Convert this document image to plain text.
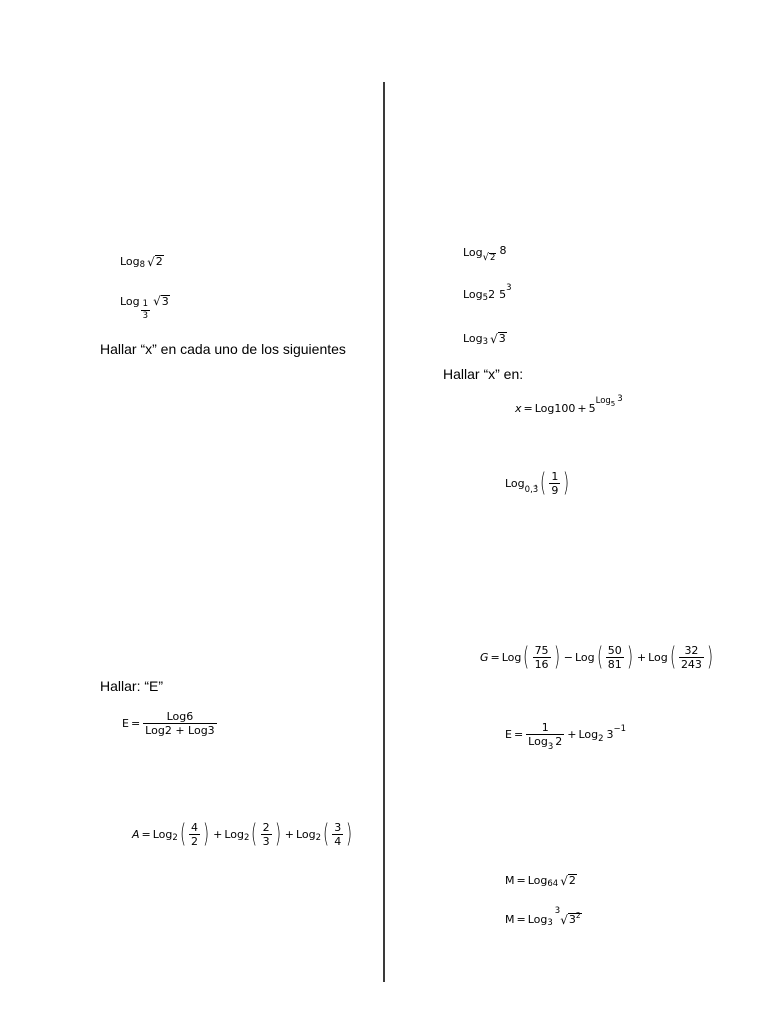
Log$_8$ √ 2
Log $\frac{1}{3}$ √ 3
Hallar “x” en cada uno de los siguientes
Hallar: “E”
$E = \frac{\text{Log6}}{\text{Log2 + Log3}}$
A = Log$_2$ ( $\frac{4}{2}$ ) + Log$_2$ ( $\frac{2}{3}$ ) + Log$_2$ ( $\frac{3}{4}$ )
Log √ 2
8
Log$_5$ 2 $5^3$
Log$_3$ √ 3
Hallar “x” en:
x = Log100 + 5
Log$_5$ 3
Log
$_{0,3̂}$ ( $\frac{1}{9}$ )
G = Log ( $\frac{75}{16}$ ) − Log ( $\frac{50}{81}$ ) + Log ( $\frac{32}{243}$ )
$E = \frac{1}{Log_3 2} + Log_2$ $3^{-1}$
M = Log$_{64}$ √ 2
M = Log$_3$
3
√ $3^2$
